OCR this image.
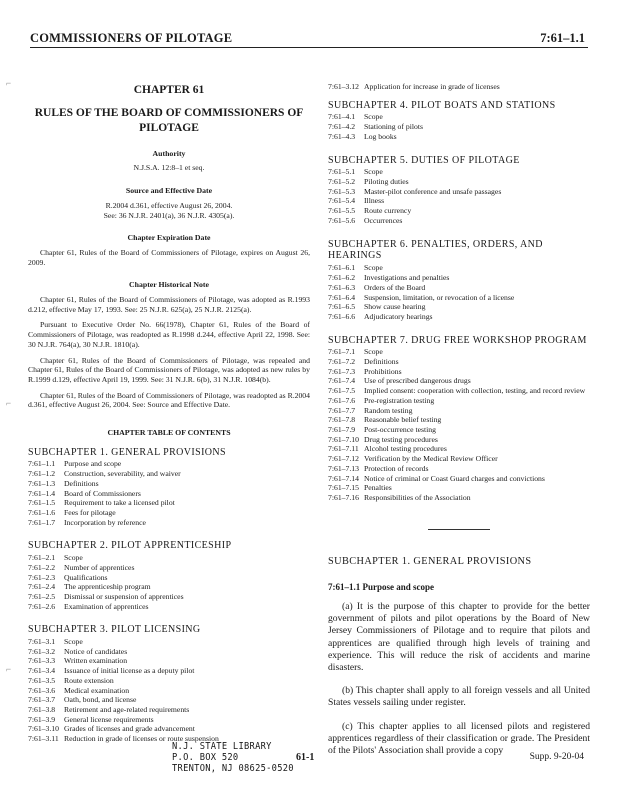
COMMISSIONERS OF PILOTAGE	7:61–1.1
⌐
⌐
⌐
CHAPTER 61
RULES OF THE BOARD OF COMMISSIONERS OF PILOTAGE
Authority
N.J.S.A. 12:8–1 et seq.
Source and Effective Date
R.2004 d.361, effective August 26, 2004.
See: 36 N.J.R. 2401(a), 36 N.J.R. 4305(a).
Chapter Expiration Date

Chapter 61, Rules of the Board of Commissioners of Pilotage, expires on August 26, 2009.

Chapter Historical Note

Chapter 61, Rules of the Board of Commissioners of Pilotage, was adopted as R.1993 d.212, effective May 17, 1993. See: 25 N.J.R. 625(a), 25 N.J.R. 2125(a).

Pursuant to Executive Order No. 66(1978), Chapter 61, Rules of the Board of Commissioners of Pilotage, was readopted as R.1998 d.244, effective April 22, 1998. See: 30 N.J.R. 764(a), 30 N.J.R. 1810(a).

Chapter 61, Rules of the Board of Commissioners of Pilotage, was repealed and Chapter 61, Rules of the Board of Commissioners of Pilotage, was adopted as new rules by R.1999 d.129, effective April 19, 1999. See: 31 N.J.R. 6(b), 31 N.J.R. 1084(b).

Chapter 61, Rules of the Board of Commissioners of Pilotage, was readopted as R.2004 d.361, effective August 26, 2004. See: Source and Effective Date.

CHAPTER TABLE OF CONTENTS
SUBCHAPTER 1. GENERAL PROVISIONS
7:61–1.1	Purpose and scope
7:61–1.2	Construction, severability, and waiver
7:61–1.3	Definitions
7:61–1.4	Board of Commissioners
7:61–1.5	Requirement to take a licensed pilot
7:61–1.6	Fees for pilotage
7:61–1.7	Incorporation by reference
SUBCHAPTER 2. PILOT APPRENTICESHIP
7:61–2.1	Scope
7:61–2.2	Number of apprentices
7:61–2.3	Qualifications
7:61–2.4	The apprenticeship program
7:61–2.5	Dismissal or suspension of apprentices
7:61–2.6	Examination of apprentices
SUBCHAPTER 3. PILOT LICENSING
7:61–3.1	Scope
7:61–3.2	Notice of candidates
7:61–3.3	Written examination
7:61–3.4	Issuance of initial license as a deputy pilot
7:61–3.5	Route extension
7:61–3.6	Medical examination
7:61–3.7	Oath, bond, and license
7:61–3.8	Retirement and age-related requirements
7:61–3.9	General license requirements
7:61–3.10 Grades of licenses and grade advancement
7:61–3.11 Reduction in grade of licenses or route suspension
7:61–3.12 Application for increase in grade of licenses
SUBCHAPTER 4. PILOT BOATS AND STATIONS
7:61–4.1	Scope
7:61–4.2	Stationing of pilots
7:61–4.3	Log books
SUBCHAPTER 5. DUTIES OF PILOTAGE
7:61–5.1	Scope
7:61–5.2	Piloting duties
7:61–5.3	Master-pilot conference and unsafe passages
7:61–5.4	Illness
7:61–5.5	Route currency
7:61–5.6	Occurrences
SUBCHAPTER 6. PENALTIES, ORDERS, AND HEARINGS
7:61–6.1	Scope
7:61–6.2	Investigations and penalties
7:61–6.3	Orders of the Board
7:61–6.4	Suspension, limitation, or revocation of a license
7:61–6.5	Show cause hearing
7:61–6.6	Adjudicatory hearings
SUBCHAPTER 7. DRUG FREE WORKSHOP PROGRAM
7:61–7.1	Scope
7:61–7.2	Definitions
7:61–7.3	Prohibitions
7:61–7.4	Use of prescribed dangerous drugs
7:61–7.5	Implied consent: cooperation with collection, testing, and record review
7:61–7.6	Pre-registration testing
7:61–7.7	Random testing
7:61–7.8	Reasonable belief testing
7:61–7.9	Post-occurrence testing
7:61–7.10 Drug testing procedures
7:61–7.11 Alcohol testing procedures
7:61–7.12 Verification by the Medical Review Officer
7:61–7.13 Protection of records
7:61–7.14 Notice of criminal or Coast Guard charges and convictions
7:61–7.15 Penalties
7:61–7.16 Responsibilities of the Association
SUBCHAPTER 1. GENERAL PROVISIONS
7:61–1.1 Purpose and scope

(a) It is the purpose of this chapter to provide for the better government of pilots and pilot operations by the Board of New Jersey Commissioners of Pilotage and to require that pilots and apprentices are qualified through high levels of training and experience. This will reduce the risk of accidents and marine disasters.

(b) This chapter shall apply to all foreign vessels and all United States vessels sailing under register.

(c) This chapter applies to all licensed pilots and registered apprentices regardless of their classification or grade. The President of the Pilots' Association shall provide a copy

N.J. STATE LIBRARY
P.O. BOX 520
TRENTON, NJ 08625-0520
61-1	Supp. 9-20-04
